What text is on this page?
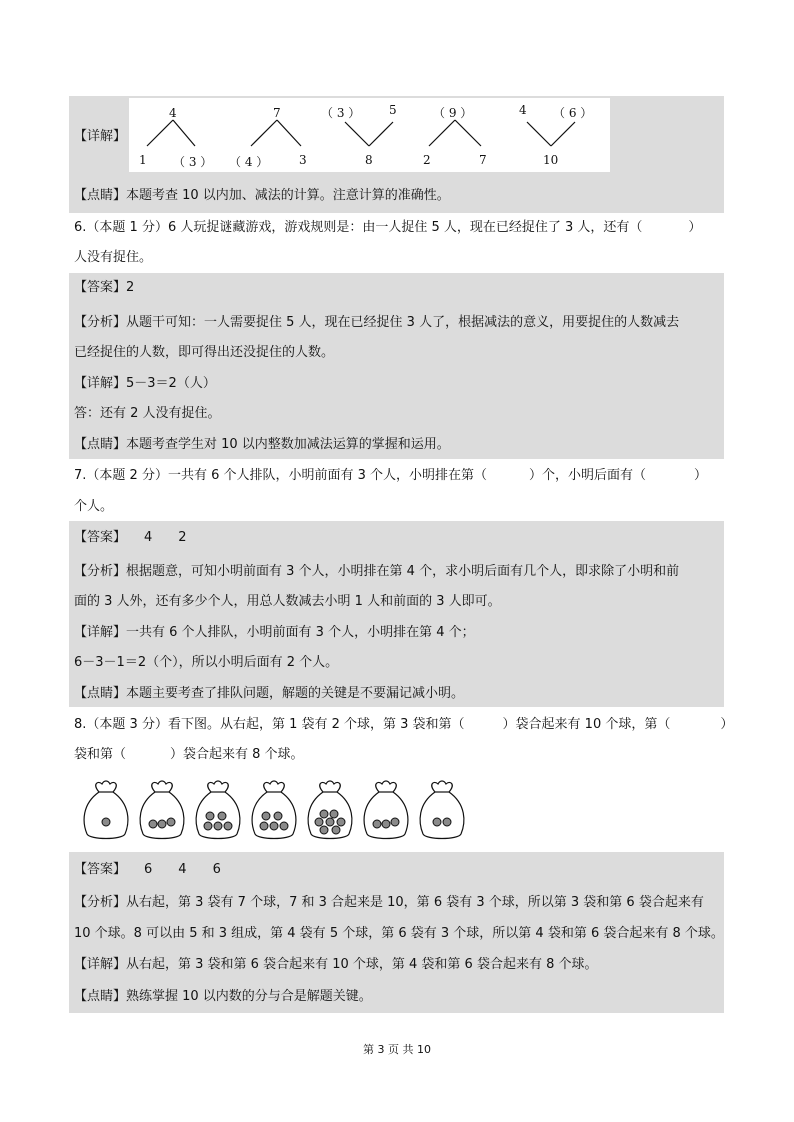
【详解】
4
1 （ 3 ）
7
（ 4 ）	3
（ 3 ） 5
8
（ 9 ）
2	7
4 （ 6 ）
10
【点睛】本题考查 10 以内加、减法的计算。注意计算的准确性。
6.（本题 1 分）6 人玩捉谜藏游戏，游戏规则是：由一人捉住 5 人，现在已经捉住了 3 人，还有（	）
人没有捉住。
【答案】2
【分析】从题干可知：一人需要捉住 5 人，现在已经捉住 3 人了，根据减法的意义，用要捉住的人数减去
已经捉住的人数，即可得出还没捉住的人数。
【详解】5－3＝2（人）
答：还有 2 人没有捉住。
【点睛】本题考查学生对 10 以内整数加减法运算的掌握和运用。
7.（本题 2 分）一共有 6 个人排队，小明前面有 3 个人，小明排在第（	）个，小明后面有（	）
个人。
【答案】 4 2
【分析】根据题意，可知小明前面有 3 个人，小明排在第 4 个，求小明后面有几个人，即求除了小明和前
面的 3 人外，还有多少个人，用总人数减去小明 1 人和前面的 3 人即可。
【详解】一共有 6 个人排队，小明前面有 3 个人，小明排在第 4 个；
6－3－1＝2（个），所以小明后面有 2 个人。
【点睛】本题主要考查了排队问题，解题的关键是不要漏记减小明。
8.（本题 3 分）看下图。从右起，第 1 袋有 2 个球，第 3 袋和第（	）袋合起来有 10 个球，第（	）
袋和第（	）袋合起来有 8 个球。
【答案】 6 4 6
【分析】从右起，第 3 袋有 7 个球，7 和 3 合起来是 10，第 6 袋有 3 个球，所以第 3 袋和第 6 袋合起来有
10 个球。8 可以由 5 和 3 组成，第 4 袋有 5 个球，第 6 袋有 3 个球，所以第 4 袋和第 6 袋合起来有 8 个球。
【详解】从右起，第 3 袋和第 6 袋合起来有 10 个球，第 4 袋和第 6 袋合起来有 8 个球。
【点睛】熟练掌握 10 以内数的分与合是解题关键。
第 3 页 共 10
